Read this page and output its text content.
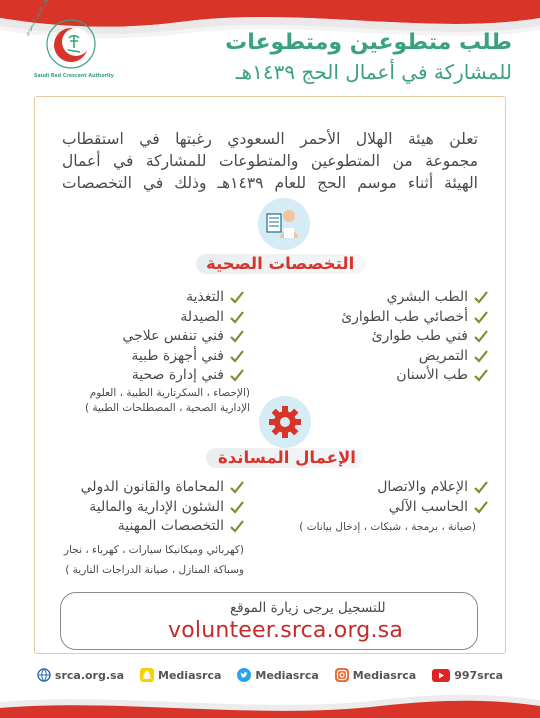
Saudi Red Crescent Authority
طلب متطوعين ومتطوعات
للمشاركة في أعمال الحج ١٤٣٩هـ
تعلن هيئة الهلال الأحمر السعودي رغبتها في استقطاب
مجموعة من المتطوعين والمتطوعات للمشاركة في أعمال
الهيئة أثناء موسم الحج للعام ١٤٣٩هـ وذلك في التخصصات
التخصصات الصحية
الطب البشري
أخصائي طب الطوارئ
فني طب طوارئ
التمريض
طب الأسنان
التغذية
الصيدلة
فني تنفس علاجي
فني أجهزة طبية
فني إدارة صحية
(الإحصاء ، السكرتارية الطبية ، العلوم
الإدارية الصحية ، المصطلحات الطبية )
الإعمال المساندة
الإعلام والاتصال
الحاسب الآلي
(صيانة ، برمجة ، شبكات ، إدخال بيانات )
المحاماة والقانون الدولي
الشئون الإدارية والمالية
التخصصات المهنية
(كهربائي وميكانيكا سيارات ، كهرباء ، نجار
وسباكة المنازل ، صيانة الدراجات النارية )
للتسجيل يرجى زيارة الموقع
volunteer.srca.org.sa
srca.org.sa	Mediasrca	Mediasrca	Mediasrca	997srca
